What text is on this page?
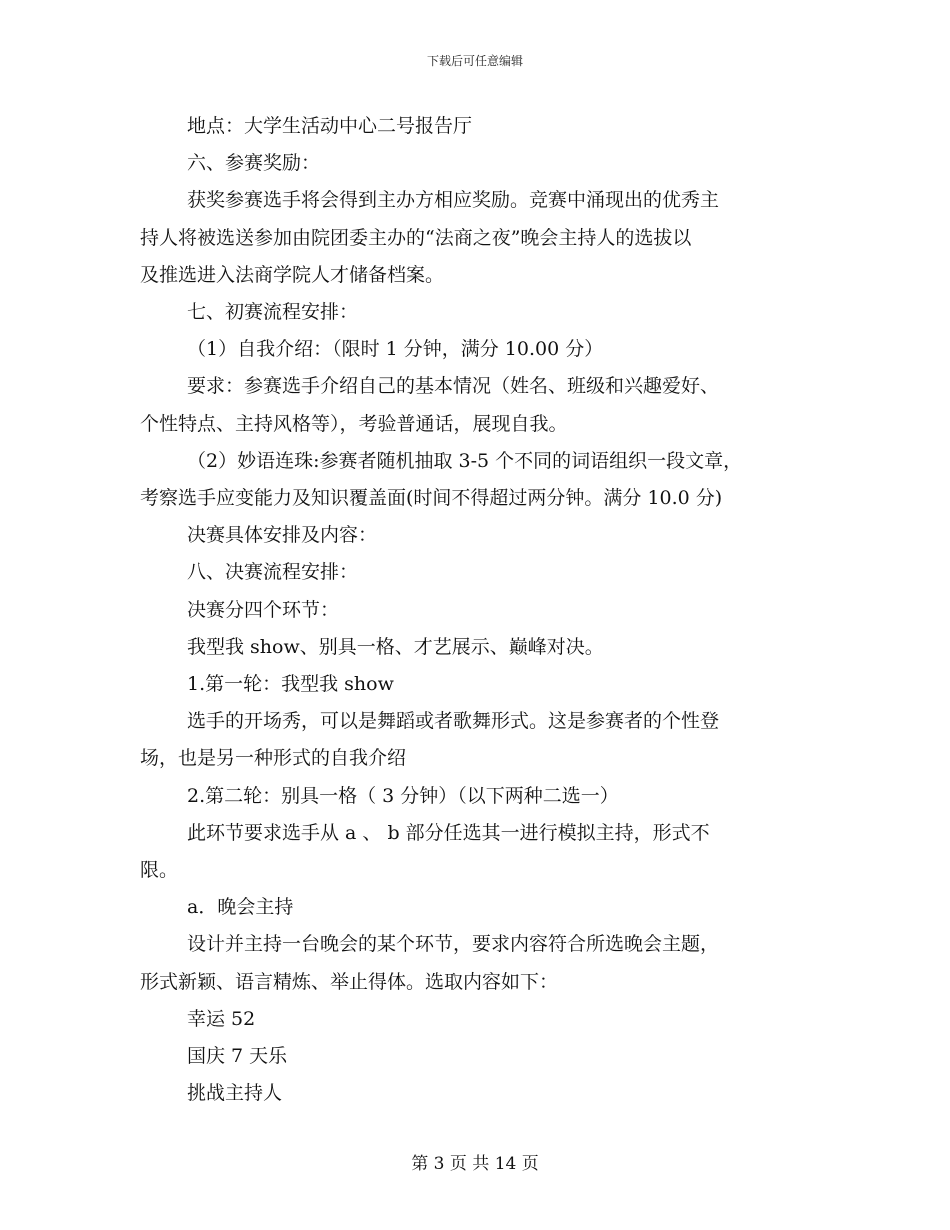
下载后可任意编辑

地点：大学生活动中心二号报告厅

六、参赛奖励：

获奖参赛选手将会得到主办方相应奖励。竞赛中涌现出的优秀主

持人将被选送参加由院团委主办的“法商之夜”晚会主持人的选拔以

及推选进入法商学院人才储备档案。

七、初赛流程安排：

（1）自我介绍：（限时 1 分钟，满分 10.00 分）

要求：参赛选手介绍自己的基本情况（姓名、班级和兴趣爱好、

个性特点、主持风格等），考验普通话，展现自我。

（2）妙语连珠:参赛者随机抽取 3-5 个不同的词语组织一段文章，

考察选手应变能力及知识覆盖面(时间不得超过两分钟。满分 10.0 分)

决赛具体安排及内容：

八、决赛流程安排：

决赛分四个环节：

我型我 show、别具一格、才艺展示、巅峰对决。

1.第一轮：我型我 show

选手的开场秀，可以是舞蹈或者歌舞形式。这是参赛者的个性登

场，也是另一种形式的自我介绍

2.第二轮：别具一格（ 3 分钟）（以下两种二选一）

此环节要求选手从 a 、 b 部分任选其一进行模拟主持，形式不

限。

a．晚会主持

设计并主持一台晚会的某个环节，要求内容符合所选晚会主题，

形式新颖、语言精炼、举止得体。选取内容如下：

幸运 52

国庆 7 天乐

挑战主持人

第 3 页 共 14 页
